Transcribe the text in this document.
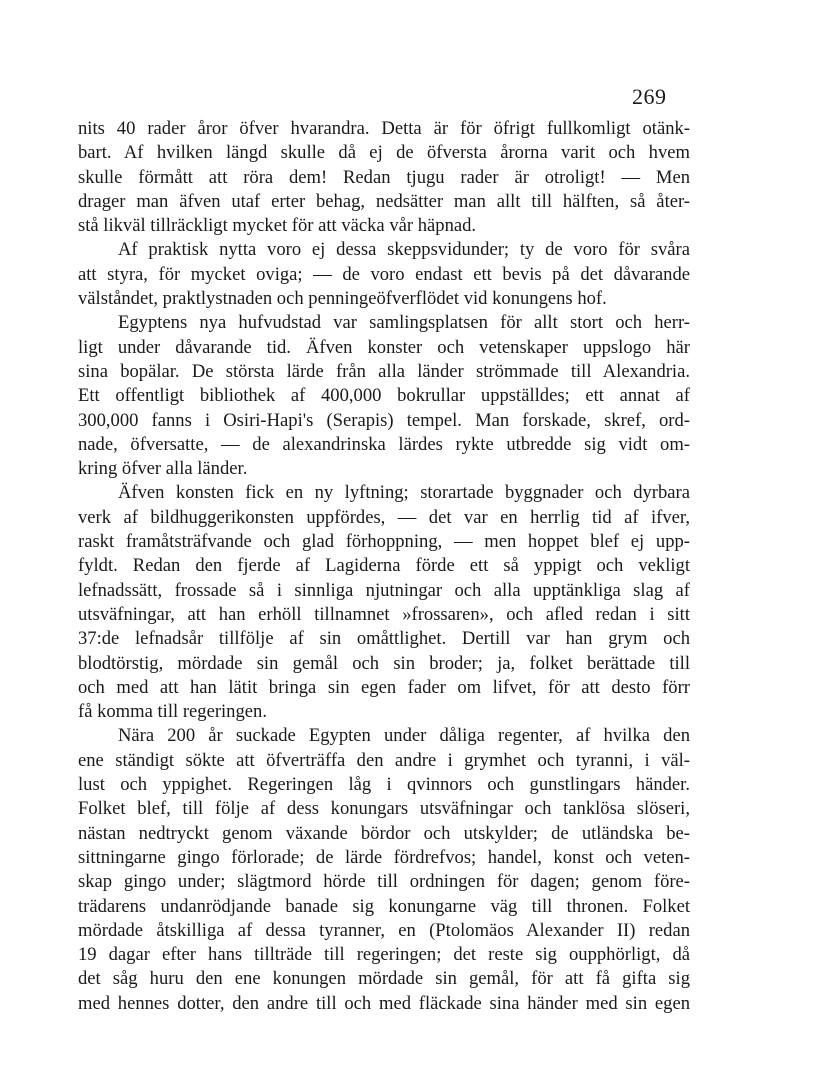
269
nits 40 rader åror öfver hvarandra. Detta är för öfrigt fullkomligt otänk-
bart. Af hvilken längd skulle då ej de öfversta årorna varit och hvem
skulle förmått att röra dem! Redan tjugu rader är otroligt! — Men
drager man äfven utaf erter behag, nedsätter man allt till hälften, så åter-
stå likväl tillräckligt mycket för att väcka vår häpnad.
Af praktisk nytta voro ej dessa skeppsvidunder; ty de voro för svåra
att styra, för mycket oviga; — de voro endast ett bevis på det dåvarande
välståndet, praktlystnaden och penningeöfverflödet vid konungens hof.
Egyptens nya hufvudstad var samlingsplatsen för allt stort och herr-
ligt under dåvarande tid. Äfven konster och vetenskaper uppslogo här
sina bopälar. De största lärde från alla länder strömmade till Alexandria.
Ett offentligt bibliothek af 400,000 bokrullar uppställdes; ett annat af
300,000 fanns i Osiri-Hapi's (Serapis) tempel. Man forskade, skref, ord-
nade, öfversatte, — de alexandrinska lärdes rykte utbredde sig vidt om-
kring öfver alla länder.
Äfven konsten fick en ny lyftning; storartade byggnader och dyrbara
verk af bildhuggerikonsten uppfördes, — det var en herrlig tid af ifver,
raskt framåtsträfvande och glad förhoppning, — men hoppet blef ej upp-
fyldt. Redan den fjerde af Lagiderna förde ett så yppigt och vekligt
lefnadssätt, frossade så i sinnliga njutningar och alla upptänkliga slag af
utsväfningar, att han erhöll tillnamnet »frossaren», och afled redan i sitt
37:de lefnadsår tillfölje af sin omåttlighet. Dertill var han grym och
blodtörstig, mördade sin gemål och sin broder; ja, folket berättade till
och med att han lätit bringa sin egen fader om lifvet, för att desto förr
få komma till regeringen.
Nära 200 år suckade Egypten under dåliga regenter, af hvilka den
ene ständigt sökte att öfverträffa den andre i grymhet och tyranni, i väl-
lust och yppighet. Regeringen låg i qvinnors och gunstlingars händer.
Folket blef, till följe af dess konungars utsväfningar och tanklösa slöseri,
nästan nedtryckt genom växande bördor och utskylder; de utländska be-
sittningarne gingo förlorade; de lärde fördrefvos; handel, konst och veten-
skap gingo under; slägtmord hörde till ordningen för dagen; genom före-
trädarens undanrödjande banade sig konungarne väg till thronen. Folket
mördade åtskilliga af dessa tyranner, en (Ptolomäos Alexander II) redan
19 dagar efter hans tillträde till regeringen; det reste sig oupphörligt, då
det såg huru den ene konungen mördade sin gemål, för att få gifta sig
med hennes dotter, den andre till och med fläckade sina händer med sin egen
